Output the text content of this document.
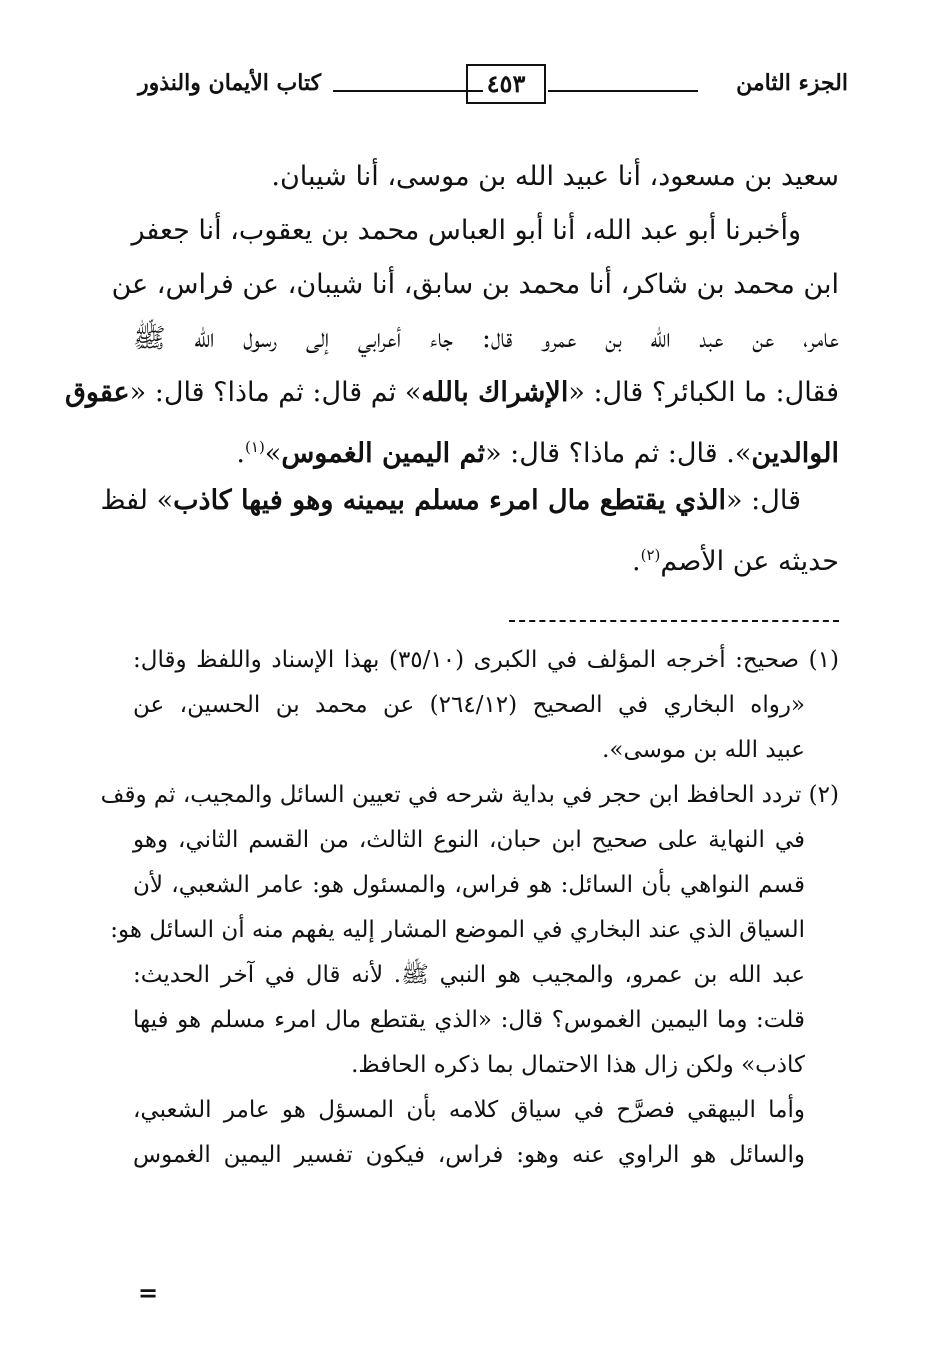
الجزء الثامن
٤٥٣
كتاب الأيمان والنذور
سعيد بن مسعود، أنا عبيد الله بن موسى، أنا شيبان.
وأخبرنا أبو عبد الله، أنا أبو العباس محمد بن يعقوب، أنا جعفر
ابن محمد بن شاكر، أنا محمد بن سابق، أنا شيبان، عن فراس، عن
عامر، عن عبد الله بن عمرو قال: جاء أعرابي إلى رسول الله ﷺ
فقال: ما الكبائر؟ قال: «الإشراك بالله» ثم قال: ثم ماذا؟ قال: «عقوق
الوالدين». قال: ثم ماذا؟ قال: «ثم اليمين الغموس»$^{(١)}$.
قال: «الذي يقتطع مال امرء مسلم بيمينه وهو فيها كاذب» لفظ
حديثه عن الأصم$^{(٢)}$.
(١) صحيح: أخرجه المؤلف في الكبرى (٣٥/١٠) بهذا الإسناد واللفظ وقال:
«رواه البخاري في الصحيح (٢٦٤/١٢) عن محمد بن الحسين، عن
عبيد الله بن موسى».
(٢) تردد الحافظ ابن حجر في بداية شرحه في تعيين السائل والمجيب، ثم وقف
في النهاية على صحيح ابن حبان، النوع الثالث، من القسم الثاني، وهو
قسم النواهي بأن السائل: هو فراس، والمسئول هو: عامر الشعبي، لأن
السياق الذي عند البخاري في الموضع المشار إليه يفهم منه أن السائل هو:
عبد الله بن عمرو، والمجيب هو النبي ﷺ. لأنه قال في آخر الحديث:
قلت: وما اليمين الغموس؟ قال: «الذي يقتطع مال امرء مسلم هو فيها
كاذب» ولكن زال هذا الاحتمال بما ذكره الحافظ.
وأما البيهقي فصرَّح في سياق كلامه بأن المسؤل هو عامر الشعبي،
والسائل هو الراوي عنه وهو: فراس، فيكون تفسير اليمين الغموس
=
